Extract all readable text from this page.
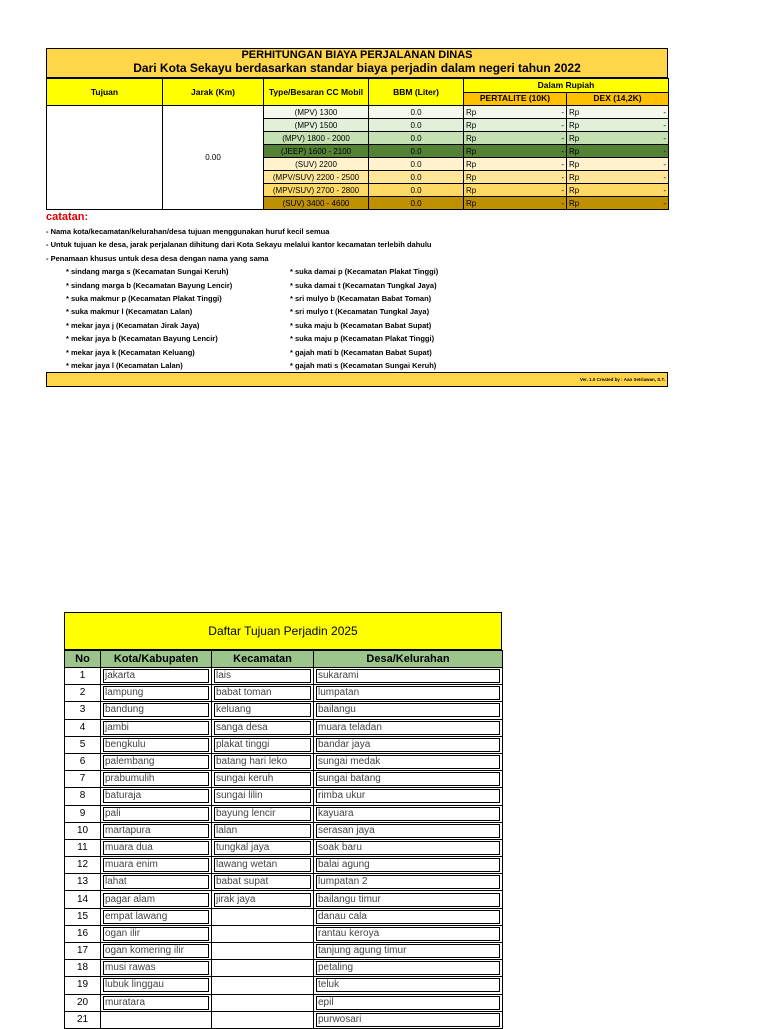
PERHITUNGAN BIAYA PERJALANAN DINAS
Dari Kota Sekayu berdasarkan standar biaya perjadin dalam negeri tahun 2022
Tujuan	Jarak (Km)	Type/Besaran CC Mobil	BBM (Liter)	Dalam Rupiah	
				PERTALITE (10K)	DEX (14,2K)
	0.00	(MPV) 1300	0.0	Rp -	Rp -

		(MPV) 1500	0.0	Rp -	Rp -

		(MPV) 1800 - 2000	0.0	Rp -	Rp -

		(JEEP) 1600 - 2100	0.0	Rp -	Rp -

		(SUV) 2200	0.0	Rp -	Rp -

		(MPV/SUV) 2200 - 2500	0.0	Rp -	Rp -

		(MPV/SUV) 2700 - 2800	0.0	Rp -	Rp -

		(SUV) 3400 - 4600	0.0	Rp -	Rp -
catatan:
- Nama kota/kecamatan/kelurahan/desa tujuan menggunakan huruf kecil semua
- Untuk tujuan ke desa, jarak perjalanan dihitung dari Kota Sekayu melalui kantor kecamatan terlebih dahulu
- Penamaan khusus untuk desa desa dengan nama yang sama
* sindang marga s (Kecamatan Sungai Keruh)
* sindang marga b (Kecamatan Bayung Lencir)
* suka makmur p (Kecamatan Plakat Tinggi)
* suka makmur l (Kecamatan Lalan)
* mekar jaya j (Kecamatan Jirak Jaya)
* mekar jaya b (Kecamatan Bayung Lencir)
* mekar jaya k (Kecamatan Keluang)
* mekar jaya l (Kecamatan Lalan)
* suka damai p (Kecamatan Plakat Tinggi)
* suka damai t (Kecamatan Tungkal Jaya)
* sri mulyo b (Kecamatan Babat Toman)
* sri mulyo t (Kecamatan Tungkal Jaya)
* suka maju b (Kecamatan Babat Supat)
* suka maju p (Kecamatan Plakat Tinggi)
* gajah mati b (Kecamatan Babat Supat)
* gajah mati s (Kecamatan Sungai Keruh)
Ver. 1.0 Created by : Aan Setriawan, S.T.
Daftar Tujuan Perjadin 2025
No	Kota/Kabupaten	Kecamatan	Desa/Kelurahan
1	jakarta	lais	sukarami

2	lampung	babat toman	lumpatan

3	bandung	keluang	bailangu

4	jambi	sanga desa	muara teladan

5	bengkulu	plakat tinggi	bandar jaya

6	palembang	batang hari leko	sungai medak

7	prabumulih	sungai keruh	sungai batang

8	baturaja	sungai lilin	rimba ukur

9	pali	bayung lencir	kayuara

10	martapura	lalan	serasan jaya

11	muara dua	tungkal jaya	soak baru

12	muara enim	lawang wetan	balai agung

13	lahat	babat supat	lumpatan 2

14	pagar alam	jirak jaya	bailangu timur

15	empat lawang		danau cala

16	ogan ilir		rantau keroya

17	ogan komering ilir		tanjung agung timur

18	musi rawas		petaling

19	lubuk linggau		teluk

20	muratara		epil

21			purwosari
